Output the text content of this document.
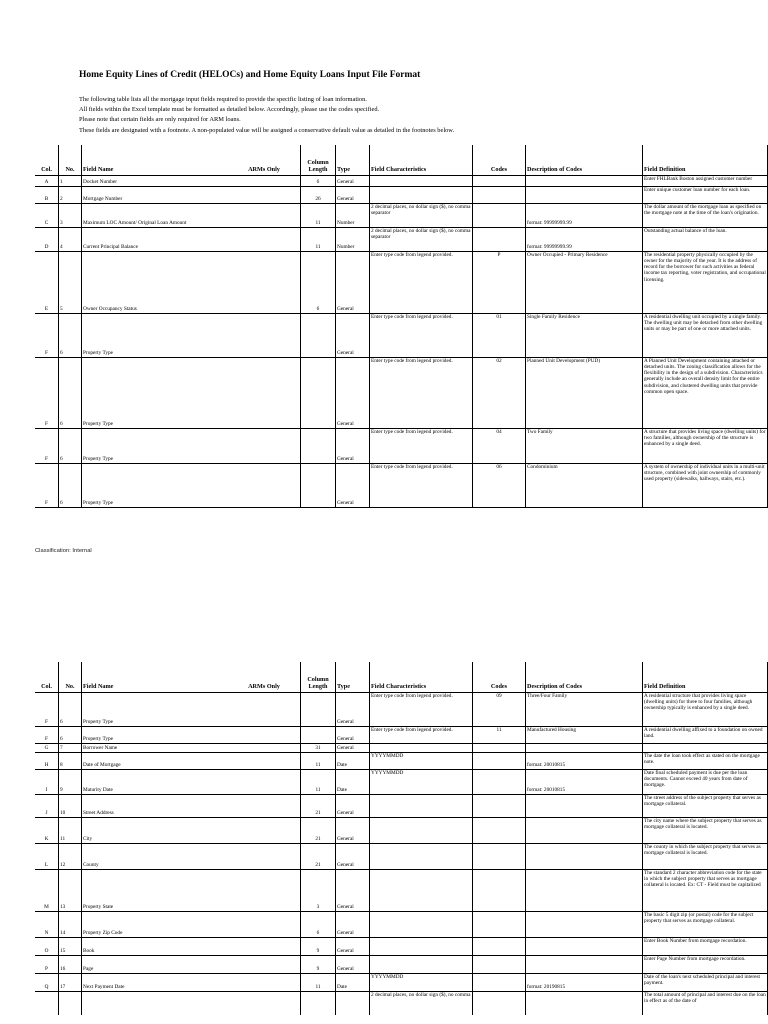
Home Equity Lines of Credit (HELOCs) and Home Equity Loans Input File Format
The following table lists all the mortgage input fields required to provide the specific listing of loan information.
All fields within the Excel template must be formatted as detailed below. Accordingly, please use the codes specified.
Please note that certain fields are only required for ARM loans.
These fields are designated with a footnote. A non-populated value will be assigned a conservative default value as detailed in the footnotes below.
Col.	No.	Field Name	ARMs Only	Column Length	Type	Field Characteristics	Codes	Description of Codes	Field Definition
A	1	Docket Number		6	General				Enter FHLBank Boston assigned customer number
B	2	Mortgage Number		26	General				Enter unique customer loan number for each loan.
C	3	Maximum LOC Amount/ Original Loan Amount		11	Number	2 decimal places, no dollar sign ($), no comma separator		format: 99999999.99	The dollar amount of the mortgage loan as specified on the mortgage note at the time of the loan's origination.
D	4	Current Principal Balance		11	Number	2 decimal places, no dollar sign ($), no comma separator		format: 99999999.99	Outstanding actual balance of the loan.
E	5	Owner Occupancy Status		6	General	Enter type code from legend provided.	P	Owner Occupied - Primary Residence	The residential property physically occupied by the owner for the majority of the year. It is the address of record for the borrower for such activities as federal income tax reporting, voter registration, and occupational licensing.
F	6	Property Type			General	Enter type code from legend provided.	01	Single Family Residence	A residential dwelling unit occupied by a single family. The dwelling unit may be detached from other dwelling units or may be part of one or more attached units.
F	6	Property Type			General	Enter type code from legend provided.	02	Planned Unit Development (PUD)	A Planned Unit Development containing attached or detached units. The zoning classification allows for the flexibility in the design of a subdivision. Characteristics generally include an overall density limit for the entire subdivision, and clustered dwelling units that provide common open space.
F	6	Property Type			General	Enter type code from legend provided.	04	Two Family	A structure that provides living space (dwelling units) for two families, although ownership of the structure is enhanced by a single deed.
F	6	Property Type			General	Enter type code from legend provided.	06	Condominium	A system of ownership of individual units in a multi-unit structure, combined with joint ownership of commonly used property (sidewalks, hallways, stairs, etc.).
Classification: Internal
Col.	No.	Field Name	ARMs Only	Column Length	Type	Field Characteristics	Codes	Description of Codes	Field Definition
F	6	Property Type			General	Enter type code from legend provided.	09	Three/Four Family	A residential structure that provides living space (dwelling units) for three to four families, although ownership typically is enhanced by a single deed.
F	6	Property Type			General	Enter type code from legend provided.	11	Manufactured Housing	A residential dwelling affixed to a foundation on owned land.
G	7	Borrower Name		31	General				
H	8	Date of Mortgage		11	Date	YYYYMMDD		format: 20010815	The date the loan took effect as stated on the mortgage note.
I	9	Maturity Date		11	Date	YYYYMMDD		format: 20010815	Date final scheduled payment is due per the loan documents. Cannot exceed 40 years from date of mortgage.
J	10	Street Address		21	General				The street address of the subject property that serves as mortgage collateral.
K	11	City		21	General				The city name where the subject property that serves as mortgage collateral is located.
L	12	County		21	General				The county in which the subject property that serves as mortgage collateral is located.
M	13	Property State		3	General				The standard 2 character abbreviation code for the state in which the subject property that serves as mortgage collateral is located. Ex: CT - Field must be capitalized
N	14	Property Zip Code		6	General				The basic 5 digit zip (or postal) code for the subject property that serves as mortgage collateral.
O	15	Book		9	General				Enter Book Number from mortgage recordation.
P	16	Page		9	General				Enter Page Number from mortgage recordation.
Q	17	Next Payment Date		11	Date	YYYYMMDD		format: 20190815	Date of the loan's next scheduled principal and interest payment.
						2 decimal places, no dollar sign ($), no comma			The total amount of principal and interest due on the loan in effect as of the date of
